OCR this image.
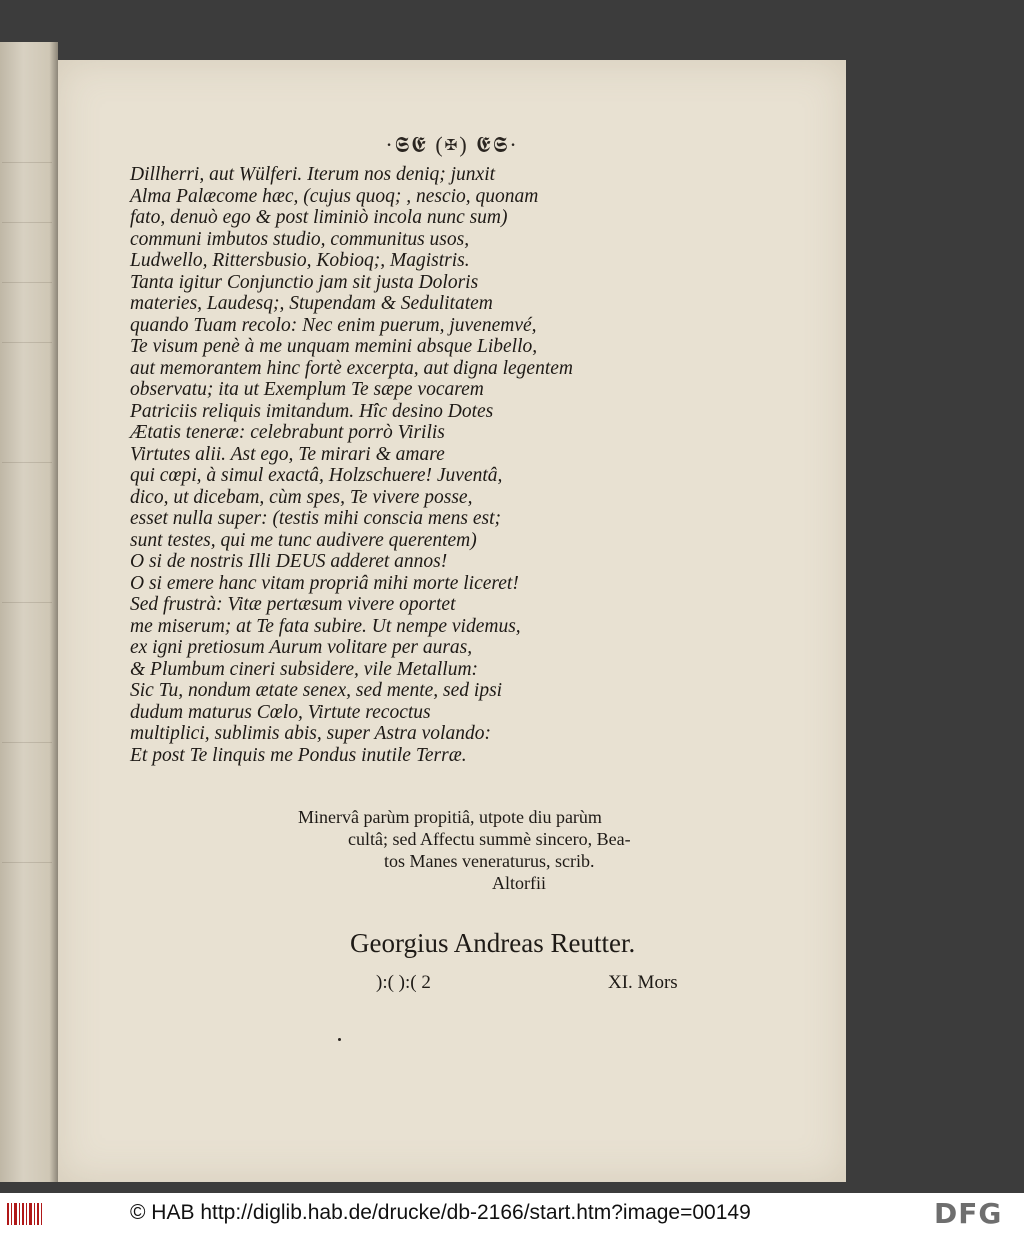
·𝕾𝕰 (✠) 𝕰𝕾·
Dillherri, aut Wülferi. Iterum nos deniq; junxit
Alma Palæcome hæc, (cujus quoq; , nescio, quonam
fato, denuò ego & post liminiò incola nunc sum)
communi imbutos studio, communitus usos,
Ludwello, Rittersbusio, Kobioq;, Magistris.
Tanta igitur Conjunctio jam sit justa Doloris
materies, Laudesq;, Stupendam & Sedulitatem
quando Tuam recolo: Nec enim puerum, juvenemvé,
Te visum penè à me unquam memini absque Libello,
aut memorantem hinc fortè excerpta, aut digna legentem
observatu; ita ut Exemplum Te sæpe vocarem
Patriciis reliquis imitandum. Hîc desino Dotes
Ætatis teneræ: celebrabunt porrò Virilis
Virtutes alii. Ast ego, Te mirari & amare
qui cœpi, à simul exactâ, Holzschuere! Juventâ,
dico, ut dicebam, cùm spes, Te vivere posse,
esset nulla super: (testis mihi conscia mens est;
sunt testes, qui me tunc audivere querentem)
O si de nostris Illi DEUS adderet annos!
O si emere hanc vitam propriâ mihi morte liceret!
Sed frustrà: Vitæ pertæsum vivere oportet
me miserum; at Te fata subire. Ut nempe videmus,
ex igni pretiosum Aurum volitare per auras,
& Plumbum cineri subsidere, vile Metallum:
Sic Tu, nondum ætate senex, sed mente, sed ipsi
dudum maturus Cœlo, Virtute recoctus
multiplici, sublimis abis, super Astra volando:
Et post Te linquis me Pondus inutile Terræ.
Minervâ parùm propitiâ, utpote diu parùm
cultâ; sed Affectu summè sincero, Bea-
tos Manes veneraturus, scrib.
Altorfii
Georgius Andreas Reutter.
):( ):( 2	XI. Mors
© HAB http://diglib.hab.de/drucke/db-2166/start.htm?image=00149	DFG
